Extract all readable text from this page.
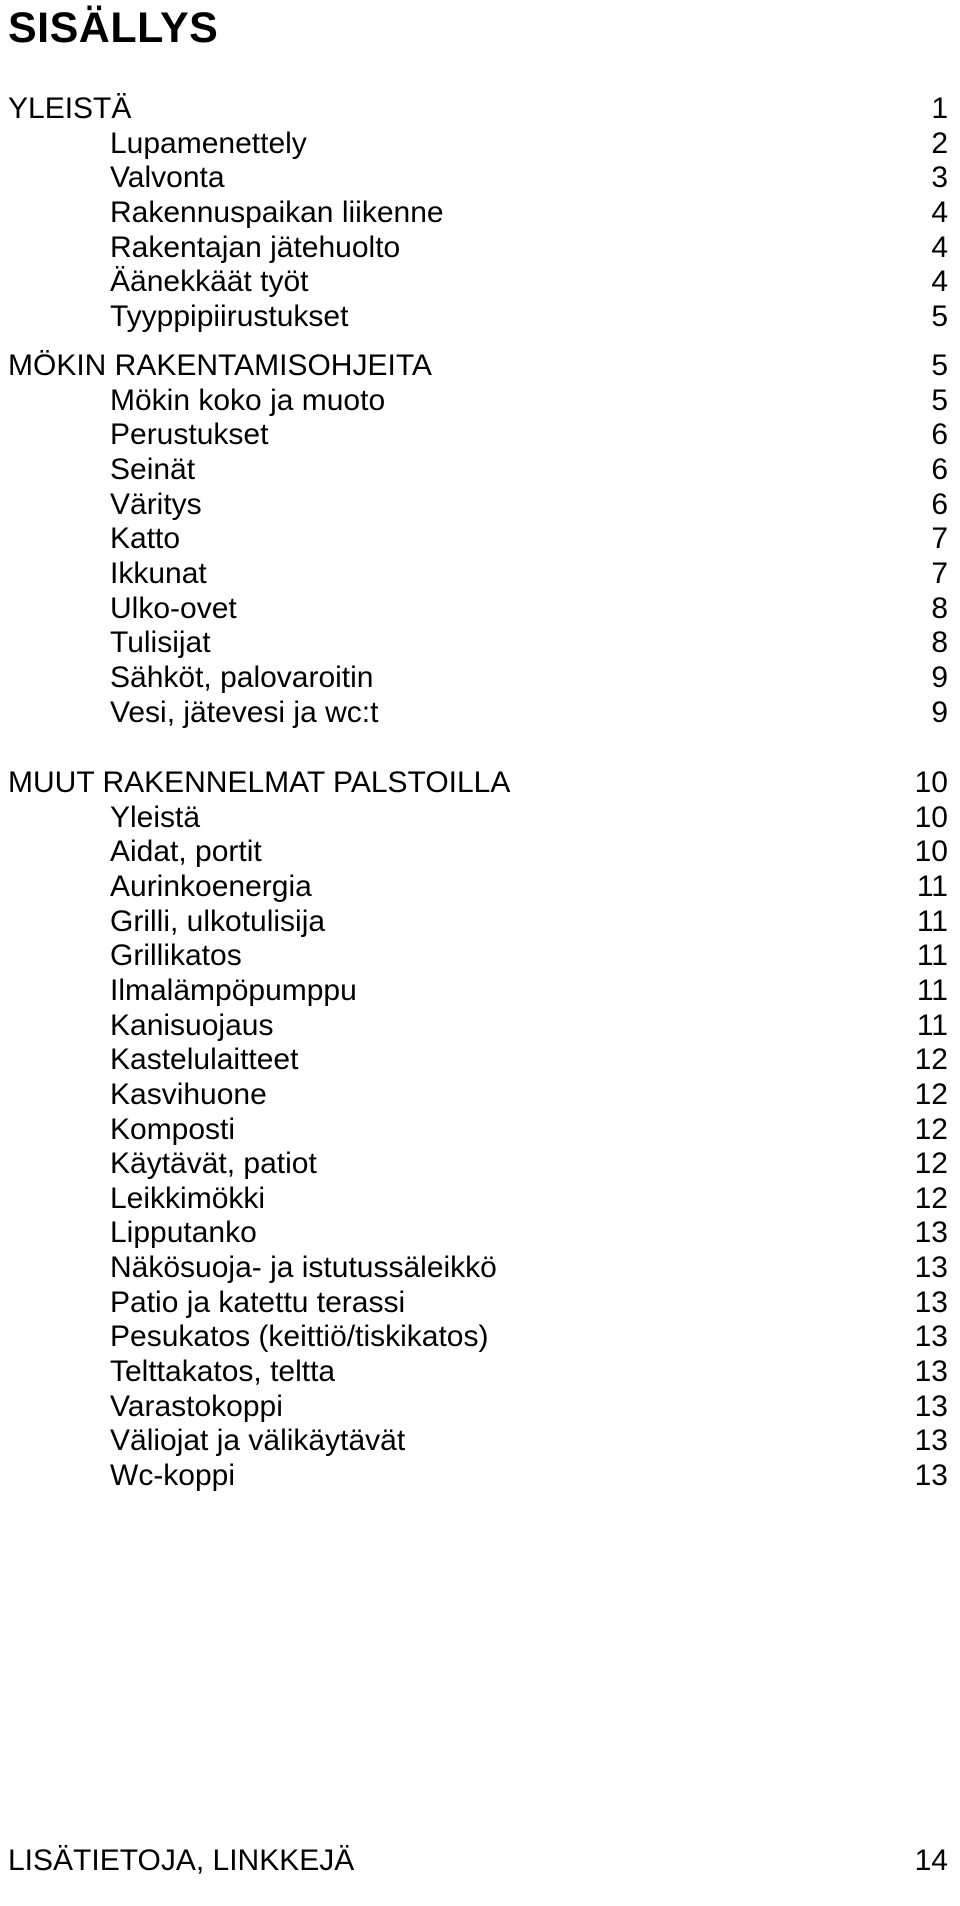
SISÄLLYS
YLEISTÄ	1
Lupamenettely	2
Valvonta	3
Rakennuspaikan liikenne	4
Rakentajan jätehuolto	4
Äänekkäät työt	4
Tyyppipiirustukset	5
MÖKIN RAKENTAMISOHJEITA	5
Mökin koko ja muoto	5
Perustukset	6
Seinät	6
Väritys	6
Katto	7
Ikkunat	7
Ulko-ovet	8
Tulisijat	8
Sähköt, palovaroitin	9
Vesi, jätevesi ja wc:t	9
MUUT RAKENNELMAT PALSTOILLA	10
Yleistä	10
Aidat, portit	10
Aurinkoenergia	11
Grilli, ulkotulisija	11
Grillikatos	11
Ilmalämpöpumppu	11
Kanisuojaus	11
Kastelulaitteet	12
Kasvihuone	12
Komposti	12
Käytävät, patiot	12
Leikkimökki	12
Lipputanko	13
Näkösuoja- ja istutussäleikkö	13
Patio ja katettu terassi	13
Pesukatos (keittiö/tiskikatos)	13
Telttakatos, teltta	13
Varastokoppi	13
Väliojat ja välikäytävät	13
Wc-koppi	13
LISÄTIETOJA, LINKKEJÄ	14
